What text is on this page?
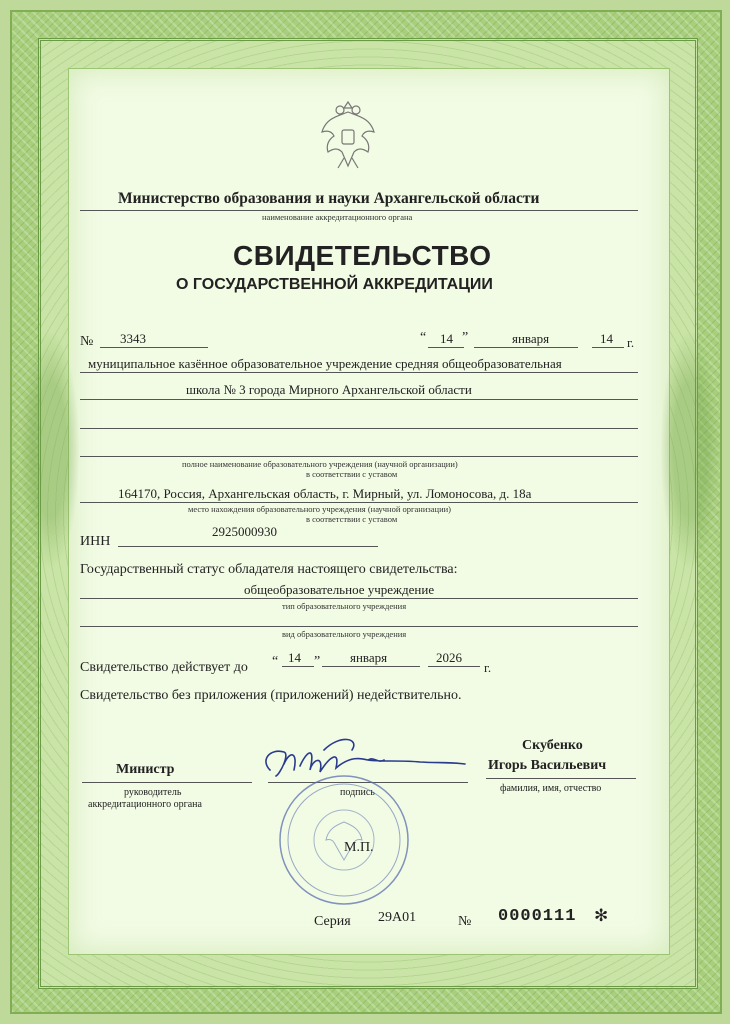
Министерство образования и науки Архангельской области
наименование аккредитационного органа
СВИДЕТЕЛЬСТВО
О ГОСУДАРСТВЕННОЙ АККРЕДИТАЦИИ
№ 3343	“ 14 ”	января	14 г.
муниципальное казённое образовательное учреждение средняя общеобразовательная
школа № 3 города Мирного Архангельской области
полное наименование образовательного учреждения (научной организации)
в соответствии с уставом
164170, Россия, Архангельская область, г. Мирный, ул. Ломоносова, д. 18а
место нахождения образовательного учреждения (научной организации)
в соответствии с уставом
ИНН
2925000930
Государственный статус обладателя настоящего свидетельства:
общеобразовательное учреждение
тип образовательного учреждения
вид образовательного учреждения
Свидетельство действует до “ 14 ” января	2026
г.
Свидетельство без приложения (приложений) недействительно.
Министр
руководитель
аккредитационного органа
подпись
Скубенко
Игорь Васильевич
фамилия, имя, отчество
М.П.
Серия 29А01	№ 0000111 ✻
